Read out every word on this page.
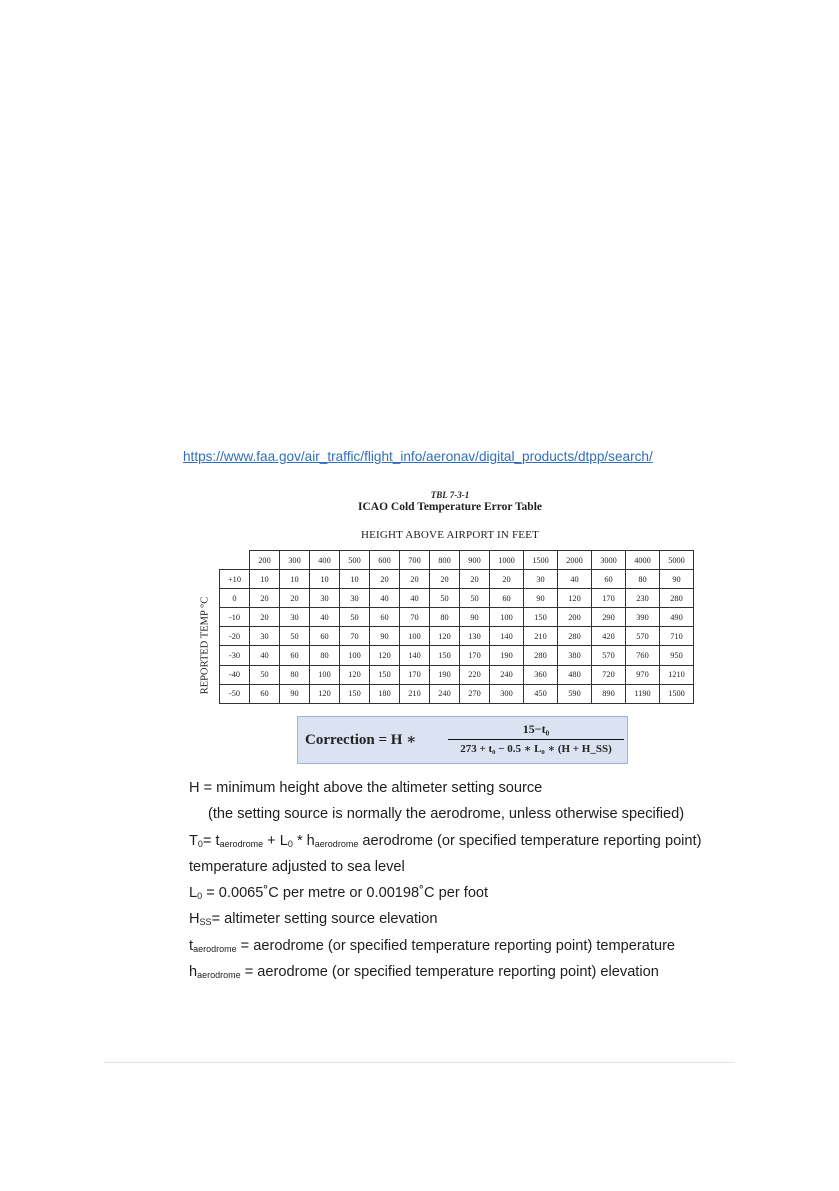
https://www.faa.gov/air_traffic/flight_info/aeronav/digital_products/dtpp/search/
TBL 7-3-1
ICAO Cold Temperature Error Table
HEIGHT ABOVE AIRPORT IN FEET
REPORTED TEMP °C
	200	300	400	500	600	700	800	900	1000	1500	2000	3000	4000	5000
+10	10	10	10	10	20	20	20	20	20	30	40	60	80	90
0	20	20	30	30	40	40	50	50	60	90	120	170	230	280
-10	20	30	40	50	60	70	80	90	100	150	200	290	390	490
-20	30	50	60	70	90	100	120	130	140	210	280	420	570	710
-30	40	60	80	100	120	140	150	170	190	280	380	570	760	950
-40	50	80	100	120	150	170	190	220	240	360	480	720	970	1210
-50	60	90	120	150	180	210	240	270	300	450	590	890	1190	1500
Correction = H ∗
15−t₀
273 + t₀ − 0.5 ∗ L₀ ∗ (H + H_SS)
H = minimum height above the altimeter setting source
(the setting source is normally the aerodrome, unless otherwise specified)
$T_0= t_{aerodrome} + L_0 * h_{aerodrome}$ aerodrome (or specified temperature reporting point)
temperature adjusted to sea level
$L_0$ = 0.0065˚C per metre or 0.00198˚C per foot
$H_{SS}=$ altimeter setting source elevation
$t_{aerodrome}$ = aerodrome (or specified temperature reporting point) temperature
$h_{aerodrome}$ = aerodrome (or specified temperature reporting point) elevation
